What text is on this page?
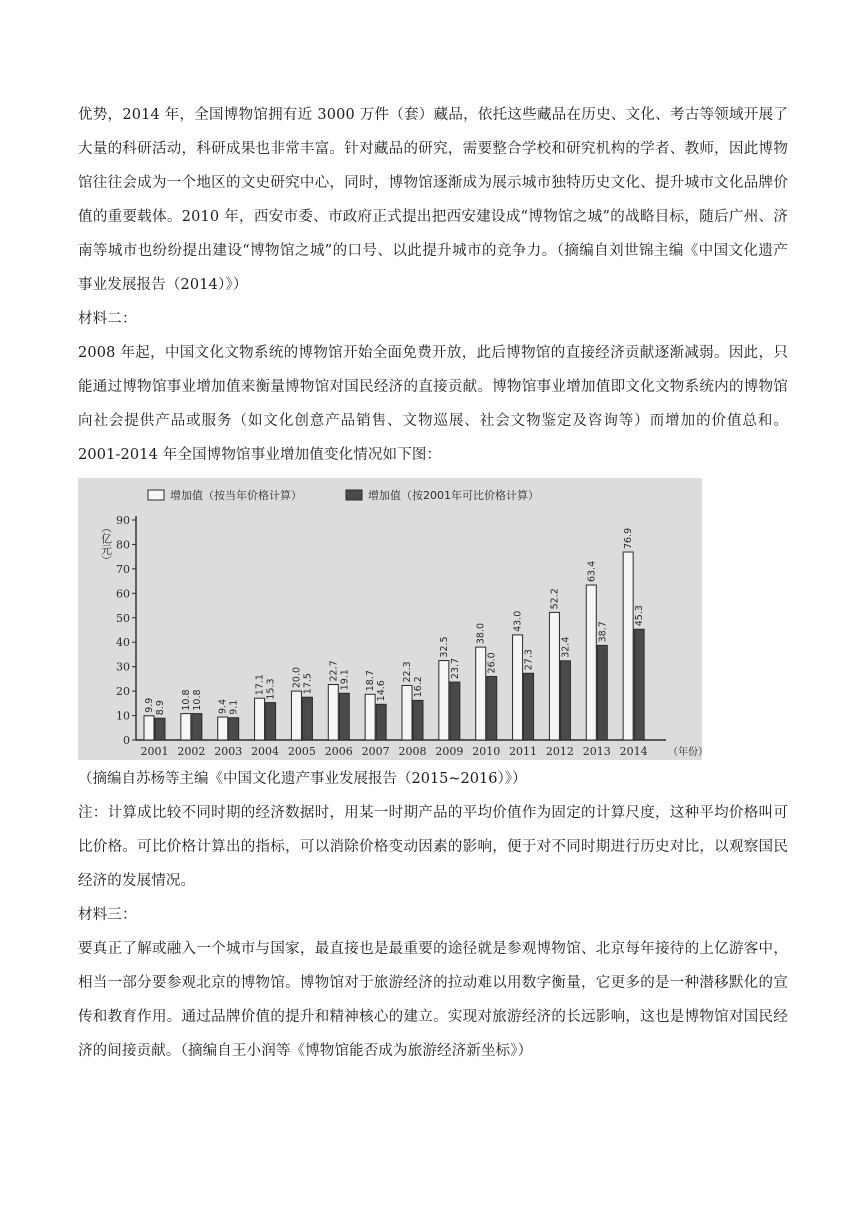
优势，2014 年，全国博物馆拥有近 3000 万件（套）藏品，依托这些藏品在历史、文化、考古等领域开展了大量的科研活动，科研成果也非常丰富。针对藏品的研究，需要整合学校和研究机构的学者、教师，因此博物馆往往会成为一个地区的文史研究中心，同时，博物馆逐渐成为展示城市独特历史文化、提升城市文化品牌价值的重要载体。2010 年，西安市委、市政府正式提出把西安建设成“博物馆之城”的战略目标，随后广州、济南等城市也纷纷提出建设“博物馆之城”的口号、以此提升城市的竞争力。（摘编自刘世锦主编《中国文化遗产事业发展报告（2014）》）

材料二：

2008 年起，中国文化文物系统的博物馆开始全面免费开放，此后博物馆的直接经济贡献逐渐减弱。因此，只能通过博物馆事业增加值来衡量博物馆对国民经济的直接贡献。博物馆事业增加值即文化文物系统内的博物馆向社会提供产品或服务（如文化创意产品销售、文物巡展、社会文物鉴定及咨询等）而增加的价值总和。2001-2014 年全国博物馆事业增加值变化情况如下图：

0
10
20
30
40
50
60
70
80
90
（亿元）
增加值（按当年价格计算）	增加值（按2001年可比价格计算）
9.9 8.9
2001
10.8 10.8
2002
9.4 9.1
2003
17.1 15.3
2004
20.0 17.5
2005
22.7 19.1
2006
18.7 14.6
2007
22.3
16.2
2008
32.5
23.7
2009
38.0
26.0
2010
43.0
27.3
2011
52.2
32.4
2012
63.4
38.7
2013
76.9
45.3
2014 （年份）

（摘编自苏杨等主编《中国文化遗产事业发展报告（2015~2016）》）

注：计算成比较不同时期的经济数据时，用某一时期产品的平均价值作为固定的计算尺度，这种平均价格叫可比价格。可比价格计算出的指标，可以消除价格变动因素的影响，便于对不同时期进行历史对比，以观察国民经济的发展情况。

材料三：

要真正了解或融入一个城市与国家，最直接也是最重要的途径就是参观博物馆、北京每年接待的上亿游客中，相当一部分要参观北京的博物馆。博物馆对于旅游经济的拉动难以用数字衡量，它更多的是一种潜移默化的宣传和教育作用。通过品牌价值的提升和精神核心的建立。实现对旅游经济的长远影响，这也是博物馆对国民经济的间接贡献。（摘编自王小润等《博物馆能否成为旅游经济新坐标》）
